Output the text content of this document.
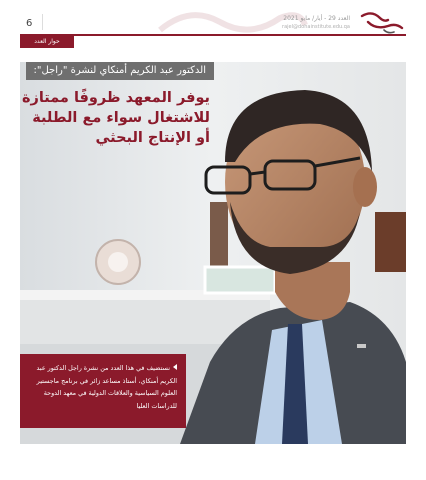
العدد 29 - أيار/ مايو 2021
rajel@dohainstitute.edu.qa
6
حوار العدد
الدكتور عبد الكريم أمنكاي لنشرة "راجل":
يوفر المعهد ظروفًا ممتازة
للاشتغال سواء مع الطلبة
أو الإنتاج البحثي
نستضيف في هذا العدد من نشرة راجل الدكتور عبد الكريم أمنكاي، أستاذ مساعد زائر في برنامج ماجستير العلوم السياسية والعلاقات الدولية في معهد الدوحة للدراسات العليا
